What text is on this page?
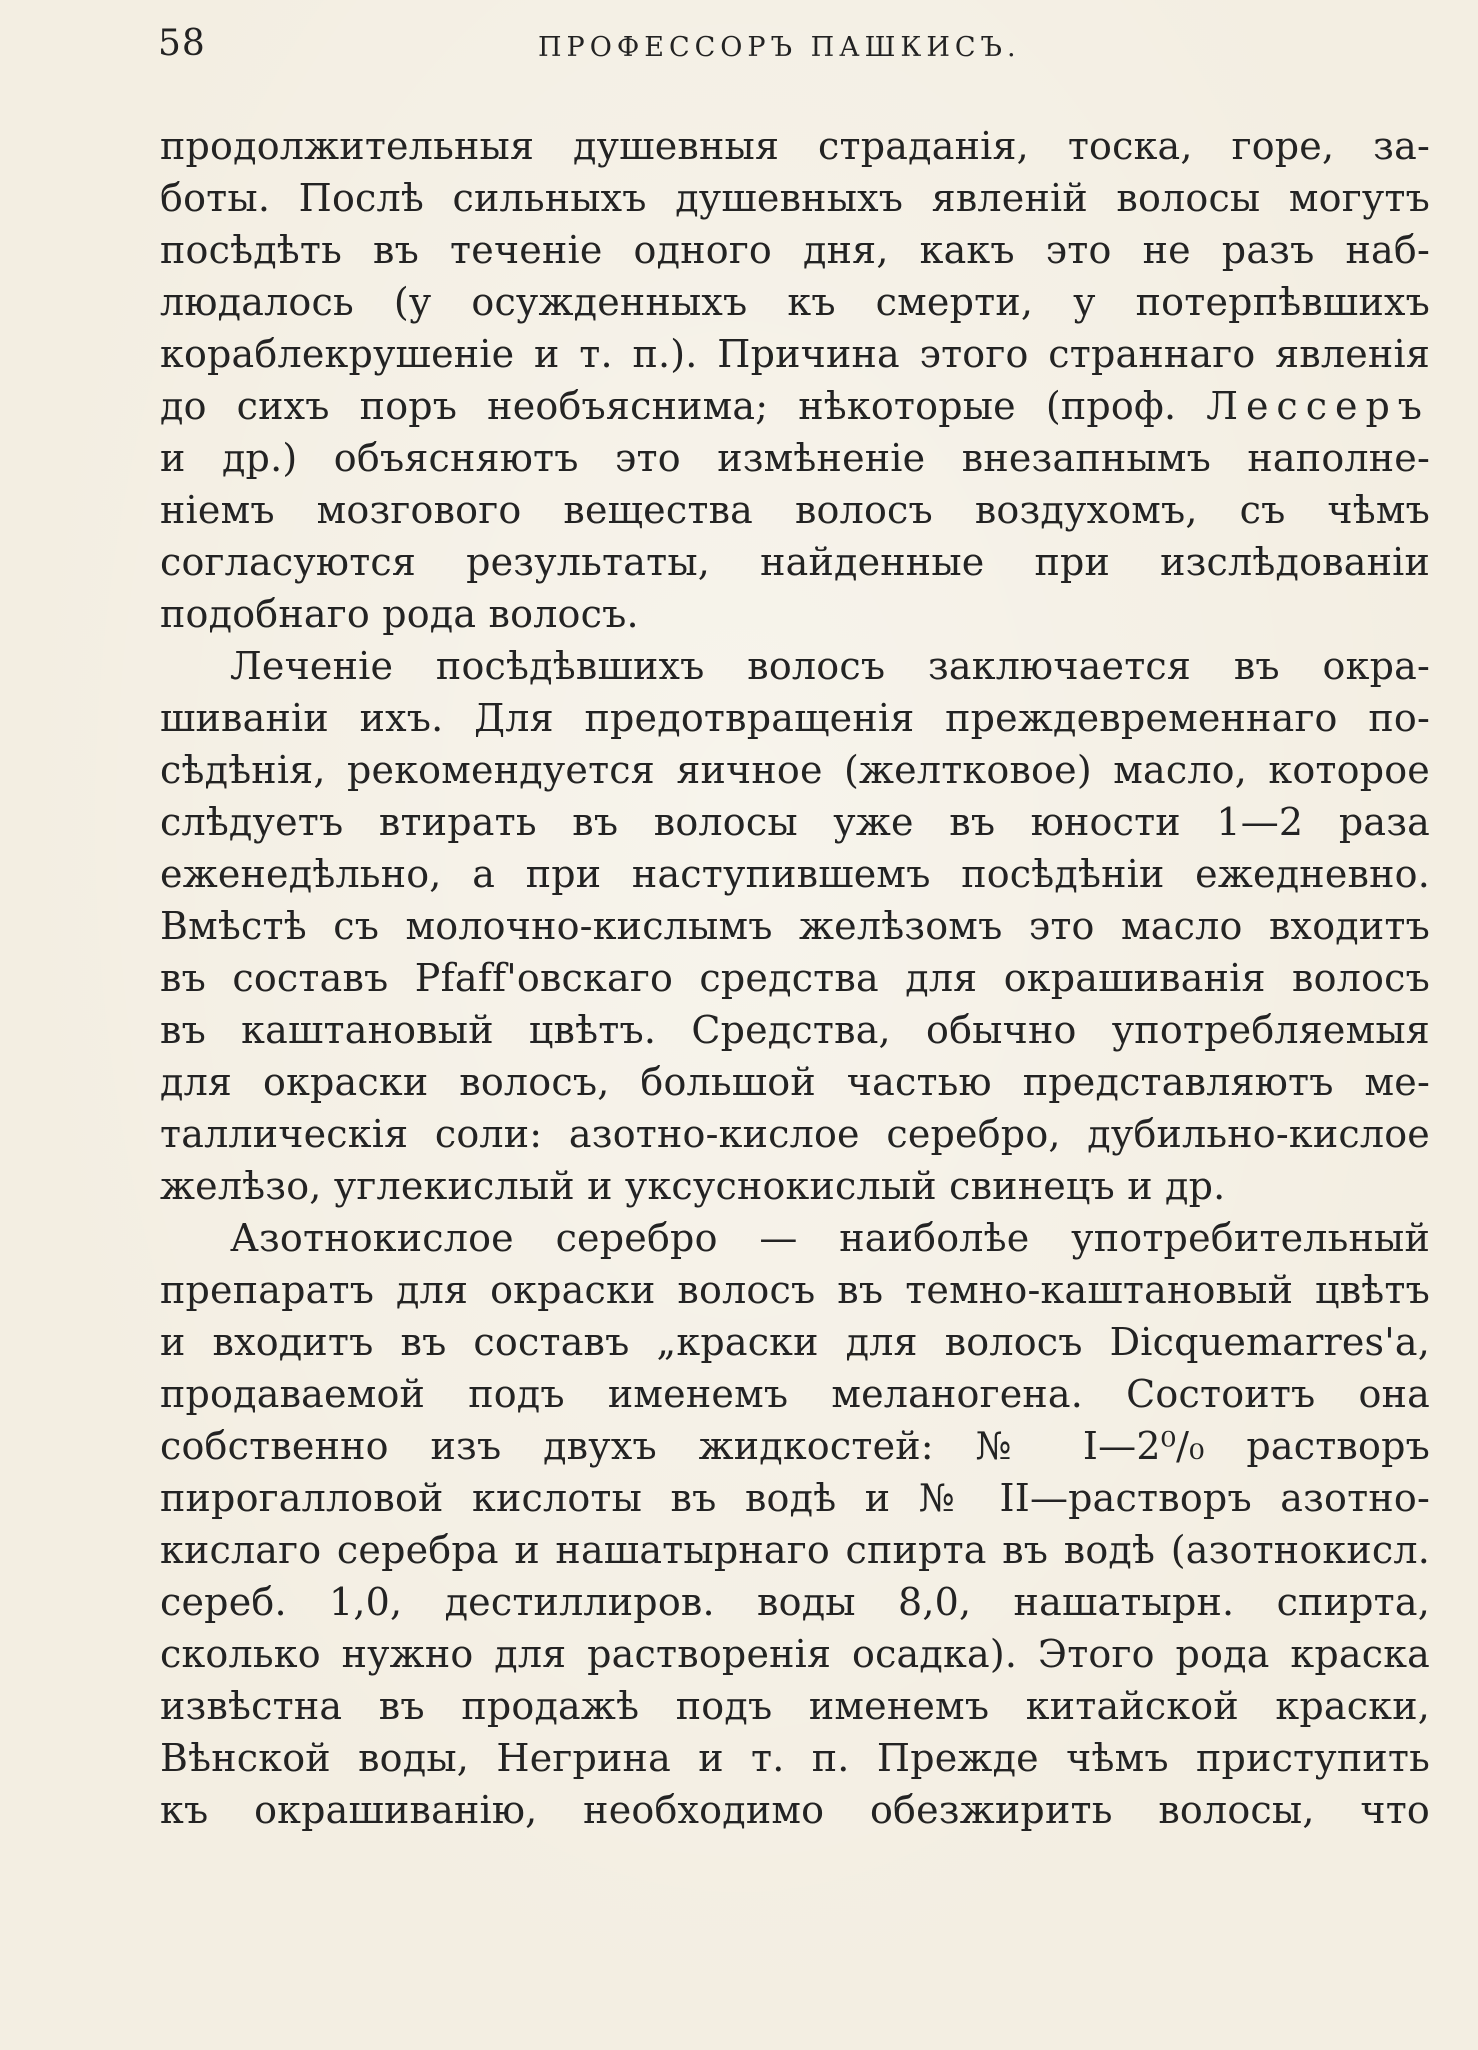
58	ПРОФЕССОРЪ ПАШКИСЪ.
продолжительныя душевныя страданія, тоска, горе, за-
боты. Послѣ сильныхъ душевныхъ явленій волосы могутъ
посѣдѣть въ теченіе одного дня, какъ это не разъ наб-
людалось (у осужденныхъ къ смерти, у потерпѣвшихъ
кораблекрушеніе и т. п.). Причина этого страннаго явленія
до сихъ поръ необъяснима; нѣкоторые (проф. Лессеръ
и др.) объясняютъ это измѣненіе внезапнымъ наполне-
ніемъ мозгового вещества волосъ воздухомъ, съ чѣмъ
согласуются результаты, найденные при изслѣдованіи
подобнаго рода волосъ.
Леченіе посѣдѣвшихъ волосъ заключается въ окра-
шиваніи ихъ. Для предотвращенія преждевременнаго по-
сѣдѣнія, рекомендуется яичное (желтковое) масло, которое
слѣдуетъ втирать въ волосы уже въ юности 1—2 раза
еженедѣльно, а при наступившемъ посѣдѣніи ежедневно.
Вмѣстѣ съ молочно-кислымъ желѣзомъ это масло входитъ
въ составъ Pfaff'овскаго средства для окрашиванія волосъ
въ каштановый цвѣтъ. Средства, обычно употребляемыя
для окраски волосъ, большой частью представляютъ ме-
таллическія соли: азотно-кислое серебро, дубильно-кислое
желѣзо, углекислый и уксуснокислый свинецъ и др.
Азотнокислое серебро — наиболѣе употребительный
препаратъ для окраски волосъ въ темно-каштановый цвѣтъ
и входитъ въ составъ „краски для волосъ Dicquemarres'а,
продаваемой подъ именемъ меланогена. Состоитъ она
собственно изъ двухъ жидкостей: № I—2⁰/₀ растворъ
пирогалловой кислоты въ водѣ и № II—растворъ азотно-
кислаго серебра и нашатырнаго спирта въ водѣ (азотнокисл.
сереб. 1,0, дестиллиров. воды 8,0, нашатырн. спирта,
сколько нужно для растворенія осадка). Этого рода краска
извѣстна въ продажѣ подъ именемъ китайской краски,
Вѣнской воды, Негрина и т. п. Прежде чѣмъ приступить
къ окрашиванію, необходимо обезжирить волосы, что
